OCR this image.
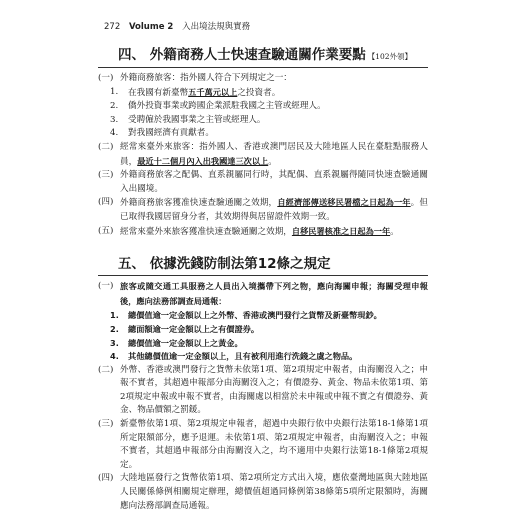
272 Volume 2 入出境法規與實務
四、 外籍商務人士快速查驗通關作業要點 【102外領】
(一) 外籍商務旅客：指外國人符合下列規定之一：
1.	在我國有新臺幣五千萬元以上之投資者。
2.	僑外投資事業或跨國企業派駐我國之主管或經理人。
3.	受聘僱於我國事業之主管或經理人。
4.	對我國經濟有貢獻者。
(二) 經常來臺外來旅客：指外國人、香港或澳門居民及大陸地區人民在臺駐點服務人員，最近十二個月內入出我國達三次以上。
(三) 外籍商務旅客之配偶、直系親屬同行時，其配偶、直系親屬得隨同快速查驗通關入出國境。
(四) 外籍商務旅客獲准快速查驗通關之效期，自經濟部傳送移民署檔之日起為一年。但已取得我國居留身分者，其效期得與居留證件效期一致。
(五) 經常來臺外來旅客獲准快速查驗通關之效期，自移民署核准之日起為一年。
五、 依據洗錢防制法第12條之規定
(一) 旅客或隨交通工具服務之人員出入境攜帶下列之物，應向海關申報；海關受理申報後，應向法務部調查局通報：
1.	總價值逾一定金額以上之外幣、香港或澳門發行之貨幣及新臺幣現鈔。
2.	總面額逾一定金額以上之有價證券。
3.	總價值逾一定金額以上之黃金。
4.	其他總價值逾一定金額以上，且有被利用進行洗錢之虞之物品。
(二) 外幣、香港或澳門發行之貨幣未依第1項、第2項規定申報者，由海關沒入之；申報不實者，其超過申報部分由海關沒入之；有價證券、黃金、物品未依第1項、第2項規定申報或申報不實者，由海關處以相當於未申報或申報不實之有價證券、黃金、物品價額之罰鍰。
(三) 新臺幣依第1項、第2項規定申報者，超過中央銀行依中央銀行法第18-1條第1項所定限額部分，應予退運。未依第1項、第2項規定申報者，由海關沒入之；申報不實者，其超過申報部分由海關沒入之，均不適用中央銀行法第18-1條第2項規定。
(四) 大陸地區發行之貨幣依第1項、第2項所定方式出入境，應依臺灣地區與大陸地區人民關係條例相關規定辦理，總價值超過同條例第38條第5項所定限額時，海關應向法務部調查局通報。
